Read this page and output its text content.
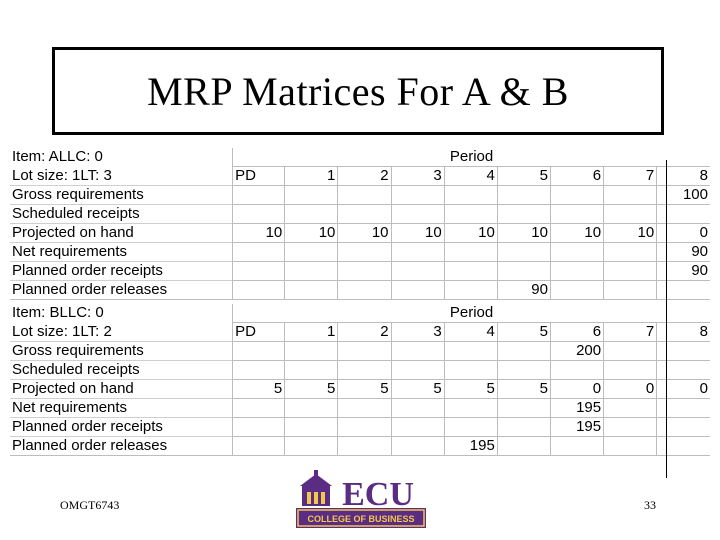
MRP Matrices For A & B
Item: ALLC: 0	Period								
Lot size: 1LT: 3	PD	1	2	3	4	5	6	7	8
Gross requirements									100
Scheduled receipts									
Projected on hand	10	10	10	10	10	10	10	10	0
Net requirements									90
Planned order receipts									90
Planned order releases						90			
Item: BLLC: 0	Period								
Lot size: 1LT: 2	PD	1	2	3	4	5	6	7	8
Gross requirements							200		
Scheduled receipts									
Projected on hand	5	5	5	5	5	5	0	0	0
Net requirements							195		
Planned order receipts							195		
Planned order releases					195				
OMGT6743
COLLEGE OF BUSINESS
ECU	33
